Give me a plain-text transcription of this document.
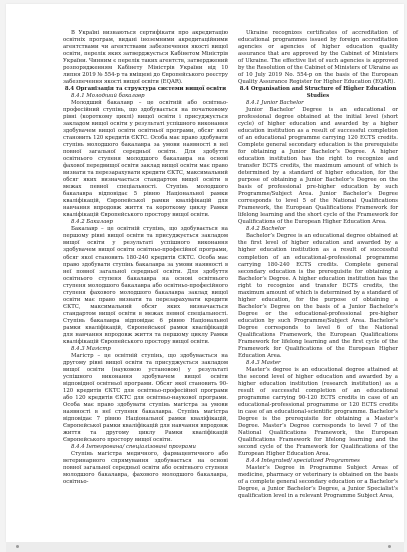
В Україні визнаються сертифікати про акредитацію освітніх програм, видані іноземними акредитаційними агентствами чи агентствами забезпечення якості вищої освіти, перелік яких затверджується Кабінетом Міністрів України. Чинним є перелік таких агентств, затверджений розпорядженням Кабінету Міністрів України від 10 липня 2019 № 554-р та вміщені до Європейського реєстру забезпечення якості вищої освіти (EQAR).

8.4 Організація та структура системи вищої освіти

8.4.1 Молодший бакалавр

Молодший бакалавр – це освітній або освітньо-професійний ступінь, що здобувається на початковому рівні (короткому циклі) вищої освіти і присуджується закладом вищої освіти у результаті успішного виконання здобувачем вищої освіти освітньої програми, обсяг якої становить 120 кредитів ЄКТС. Особа має право здобувати ступінь молодшого бакалавра за умови наявності в неї повної загальної середньої освіти. Для здобуття освітнього ступеня молодшого бакалавра на основі фахової передвищої освіти заклад вищої освіти має право визнати та перезарахувати кредити ЄКТС, максимальний обсяг яких визначається стандартом вищої освіти в межах певної спеціальності. Ступінь молодшого бакалавра відповідає 5 рівню Національної рамки кваліфікацій, Європейської рамки кваліфікацій для навчання впродовж життя та короткому циклу Рамки кваліфікацій Європейського простору вищої освіти.

8.4.2 Бакалавр

Бакалавр – це освітній ступінь, що здобувається на першому рівні вищої освіти та присуджується закладом вищої освіти у результаті успішного виконання здобувачем вищої освіти освітньо-професійної програми, обсяг якої становить 180-240 кредитів ЄКТС. Особа має право здобувати ступінь бакалавра за умови наявності в неї повної загальної середньої освіти. Для здобуття освітнього ступеня бакалавра на основі освітнього ступеня молодшого бакалавра або освітньо-професійного ступеня фахового молодшого бакалавра заклад вищої освіти має право визнати та перезарахувати кредити ЄКТС, максимальний обсяг яких визначається стандартом вищої освіти в межах певної спеціальності. Ступінь бакалавра відповідає 6 рівню Національної рамки кваліфікацій, Європейської рамки кваліфікацій для навчання впродовж життя та першому циклу Рамки кваліфікацій Європейського простору вищої освіти.

8.4.3 Магістр

Магістр – це освітній ступінь, що здобувається на другому рівні вищої освіти та присуджується закладом вищої освіти (науковою установою) у результаті успішного виконання здобувачем вищої освіти відповідної освітньої програми. Обсяг якої становить 90-120 кредитів ЄКТС для освітньо-професійної програми або 120 кредитів ЄКТС для освітньо-наукової програми. Особа має право здобувати ступінь магістра за умови наявності в неї ступеня бакалавра. Ступінь магістра відповідає 7 рівню Національної рамки кваліфікацій, Європейської рамки кваліфікацій для навчання впродовж життя та другому циклу Рамки кваліфікацій Європейського простору вищої освіти.

8.4.4 Інтегрована/ спеціалізовані програми

Ступінь магістра медичного, фармацевтичного або ветеринарного спрямування здобувається на основі повної загальної середньої освіти або освітнього ступеня молодшого бакалавра, фахового молодшого бакалавра, освітньо-

Ukraine recognizes certificates of accreditation of educational programmes issued by foreign accreditation agencies or agencies of higher education quality assurance that are approved by the Cabinet of Ministers of Ukraine. The effective list of such agencies is approved by the Resolution of the Cabinet of Ministers of Ukraine as of 10 July 2019 No. 554-p on the basis of the European Quality Assurance Register for Higher Education (EQAR).

8.4 Organisation and Structure of Higher Education Studies

8.4.1 Junior Bachelor

Junior Bachelor’ Degree is an educational or professional degree obtained at the initial level (short cycle) of higher education and awarded by a higher education institution as a result of successful completion of an educational programme carrying 120 ECTS credits. Complete general secondary education is the prerequisite for obtaining a Junior Bachelor’s Degree. A higher education institution has the right to recognize and transfer ECTS credits, the maximum amount of which is determined by a standard of higher education, for the purpose of obtaining a Junior Bachelor’s Degree on the basis of professional pre-higher education by such Programme/Subject Area. Junior Bachelor’s Degree corresponds to level 5 of the National Qualifications Framework, the European Qualifications Framework for lifelong learning and the short cycle of the Framework for Qualifications of the European Higher Education Area.

8.4.2 Bachelor

Bachelor’s Degree is an educational degree obtained at the first level of higher education and awarded by a higher education institution as a result of successful completion of an educational-professional programme carrying 180-240 ECTS credits. Complete general secondary education is the prerequisite for obtaining a Bachelor’s Degree. A higher education institution has the right to recognize and transfer ECTS credits, the maximum amount of which is determined by a standard of higher education, for the purpose of obtaining a Bachelor’s Degree on the basis of a Junior Bachelor’s Degree or the educational-professional pre-higher education by such Programme/Subject Area. Bachelor’s Degree corresponds to level 6 of the National Qualifications Framework, the European Qualifications Framework for lifelong learning and the first cycle of the Framework for Qualifications of the European Higher Education Area.

8.4.3 Master

Master’s degree is an educational degree attained at the second level of higher education and awarded by a higher education institution (research institution) as a result of successful completion of an educational programme carrying 90-120 ECTS credits in case of an educational-professional programme or 120 ECTS credits in case of an educational-scientific programme. Bachelor’s Degree is the prerequisite for obtaining a Master’s Degree. Master’s Degree corresponds to level 7 of the National Qualifications Framework, the European Qualifications Framework for lifelong learning and the second cycle of the Framework for Qualifications of the European Higher Education Area.

8.4.4 Integrated/ specialized Programmes

Master’s Degree in Programme Subject Areas of medicine, pharmacy or veterinary is obtained on the basis of a complete general secondary education or a Bachelor’s Degree, a Junior Bachelor’s Degree, a Junior Specialist’s qualification level in a relevant Programme Subject Area,
